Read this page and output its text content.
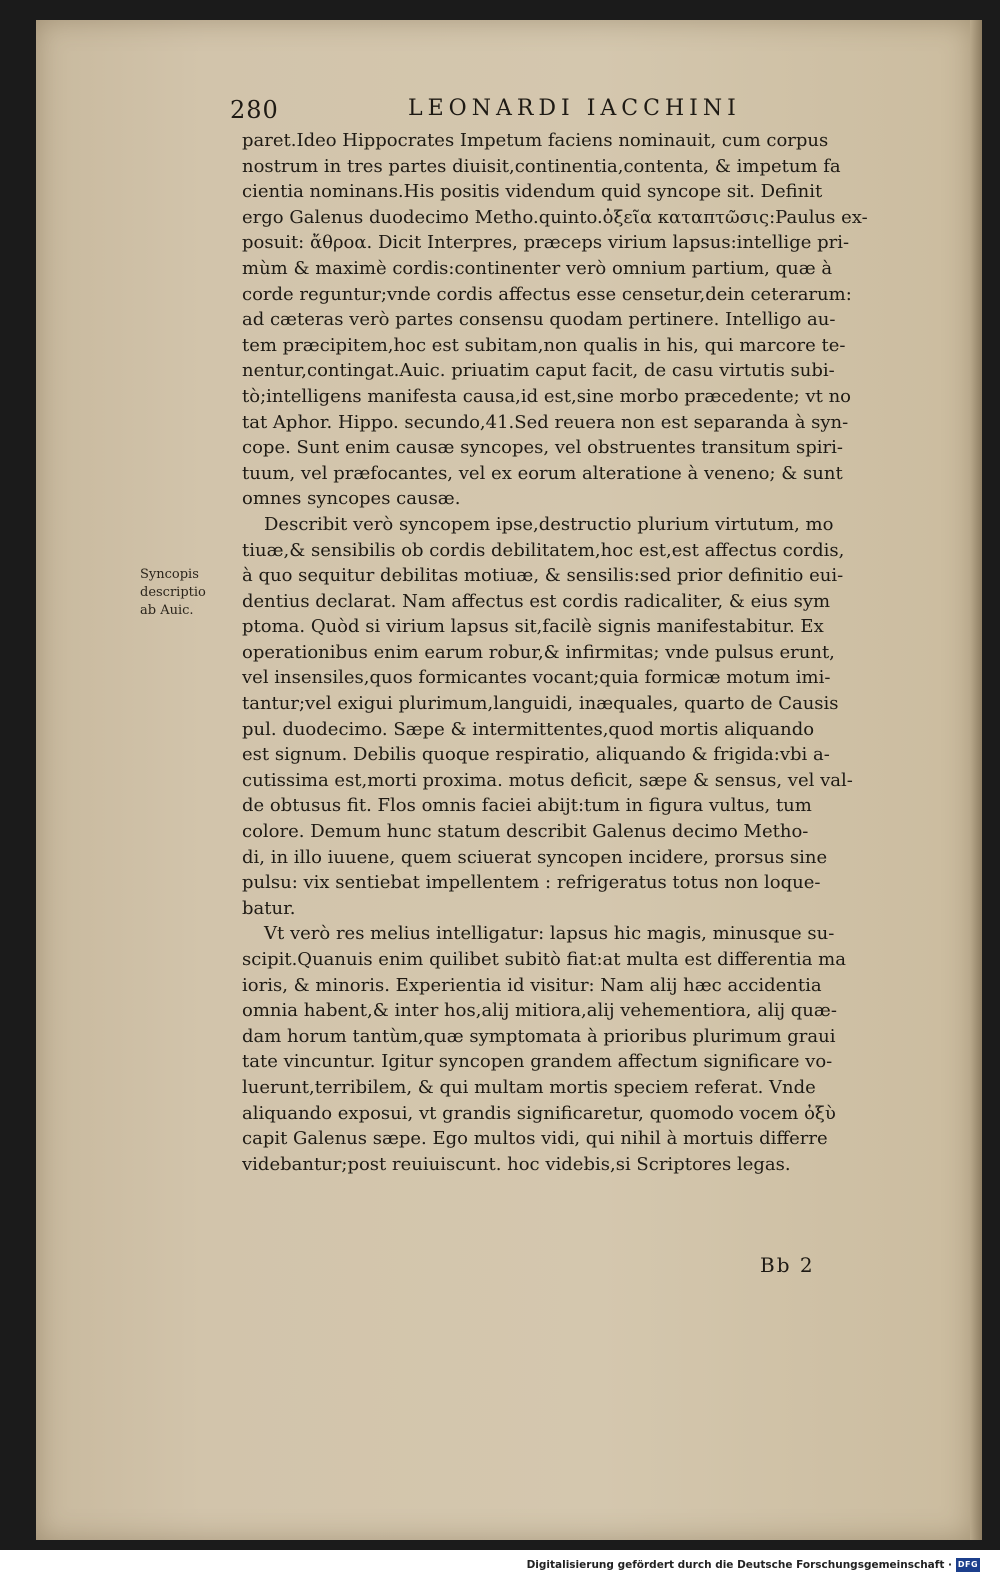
280	LEONARDI IACCHINI
paret.Ideo Hippocrates Impetum faciens nominauit, cum corpus
nostrum in tres partes diuisit,continentia,contenta, & impetum fa
cientia nominans.His positis videndum quid syncope sit. Definit
ergo Galenus duodecimo Metho.quinto.ὀξεῖα καταπτῶσις:Paulus ex-
posuit: ἄθροα. Dicit Interpres, præceps virium lapsus:intellige pri-
mùm & maximè cordis:continenter verò omnium partium, quæ à
corde reguntur;vnde cordis affectus esse censetur,dein ceterarum:
ad cæteras verò partes consensu quodam pertinere. Intelligo au-
tem præcipitem,hoc est subitam,non qualis in his, qui marcore te-
nentur,contingat.Auic. priuatim caput facit, de casu virtutis subi-
tò;intelligens manifesta causa,id est,sine morbo præcedente; vt no
tat Aphor. Hippo. secundo,41.Sed reuera non est separanda à syn-
cope. Sunt enim causæ syncopes, vel obstruentes transitum spiri-
tuum, vel præfocantes, vel ex eorum alteratione à veneno; & sunt
omnes syncopes causæ.
Describit verò syncopem ipse,destructio plurium virtutum, mo
tiuæ,& sensibilis ob cordis debilitatem,hoc est,est affectus cordis,
à quo sequitur debilitas motiuæ, & sensilis:sed prior definitio eui-
dentius declarat. Nam affectus est cordis radicaliter, & eius sym
ptoma. Quòd si virium lapsus sit,facilè signis manifestabitur. Ex
operationibus enim earum robur,& infirmitas; vnde pulsus erunt,
vel insensiles,quos formicantes vocant;quia formicæ motum imi-
tantur;vel exigui plurimum,languidi, inæquales, quarto de Causis
pul. duodecimo. Sæpe & intermittentes,quod mortis aliquando
est signum. Debilis quoque respiratio, aliquando & frigida:vbi a-
cutissima est,morti proxima. motus deficit, sæpe & sensus, vel val-
de obtusus fit. Flos omnis faciei abijt:tum in figura vultus, tum
colore. Demum hunc statum describit Galenus decimo Metho-
di, in illo iuuene, quem sciuerat syncopen incidere, prorsus sine
pulsu: vix sentiebat impellentem : refrigeratus totus non loque-
batur.
Vt verò res melius intelligatur: lapsus hic magis, minusque su-
scipit.Quanuis enim quilibet subitò fiat:at multa est differentia ma
ioris, & minoris. Experientia id visitur: Nam alij hæc accidentia
omnia habent,& inter hos,alij mitiora,alij vehementiora, alij quæ-
dam horum tantùm,quæ symptomata à prioribus plurimum graui
tate vincuntur. Igitur syncopen grandem affectum significare vo-
luerunt,terribilem, & qui multam mortis speciem referat. Vnde
aliquando exposui, vt grandis significaretur, quomodo vocem ὀξὺ
capit Galenus sæpe. Ego multos vidi, qui nihil à mortuis differre
videbantur;post reuiuiscunt. hoc videbis,si Scriptores legas.
Syncopis
descriptio
ab Auic.
Bb 2
Digitalisierung gefördert durch die Deutsche Forschungsgemeinschaft · DFG
